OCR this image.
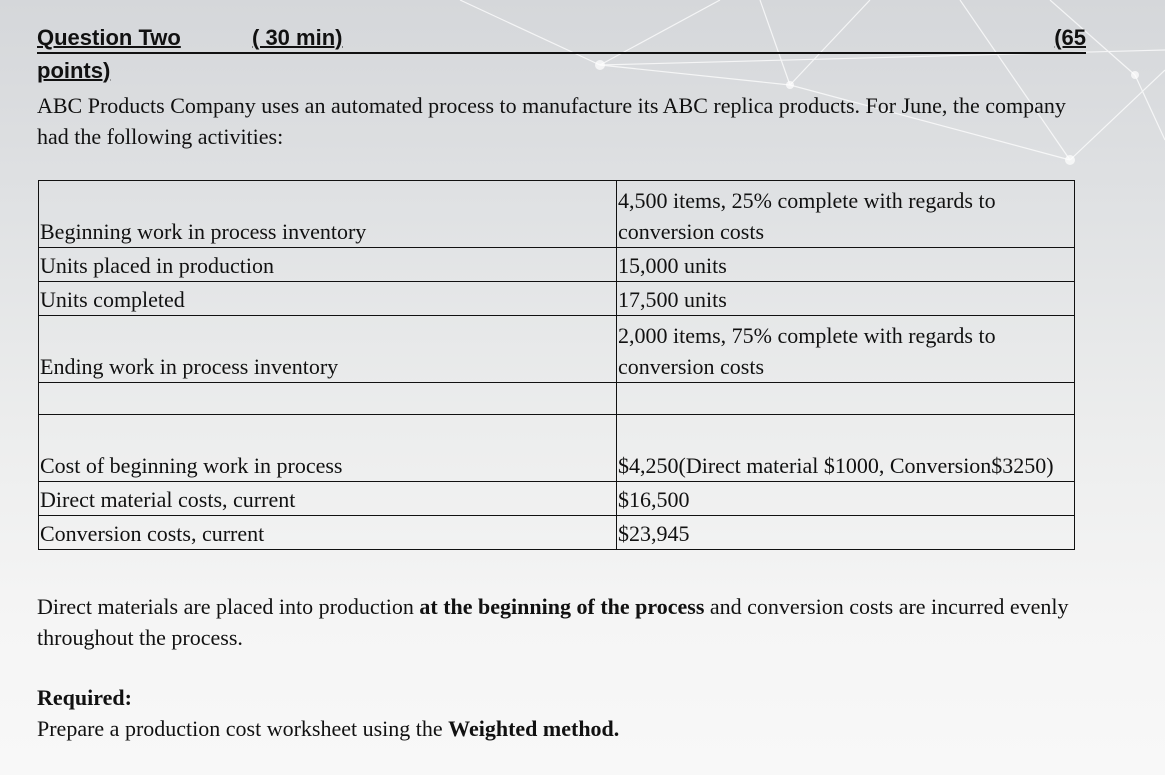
Question Two	( 30 min)	(65
points)
ABC Products Company uses an automated process to manufacture its ABC replica products. For June, the company had the following activities:
Beginning work in process inventory	4,500 items, 25% complete with regards to conversion costs
Units placed in production	15,000 units
Units completed	17,500 units
Ending work in process inventory	2,000 items, 75% complete with regards to conversion costs

Cost of beginning work in process	$4,250(Direct material $1000, Conversion$3250)
Direct material costs, current	$16,500
Conversion costs, current	$23,945
Direct materials are placed into production at the beginning of the process and conversion costs are incurred evenly throughout the process.
Required:
Prepare a production cost worksheet using the Weighted method.
